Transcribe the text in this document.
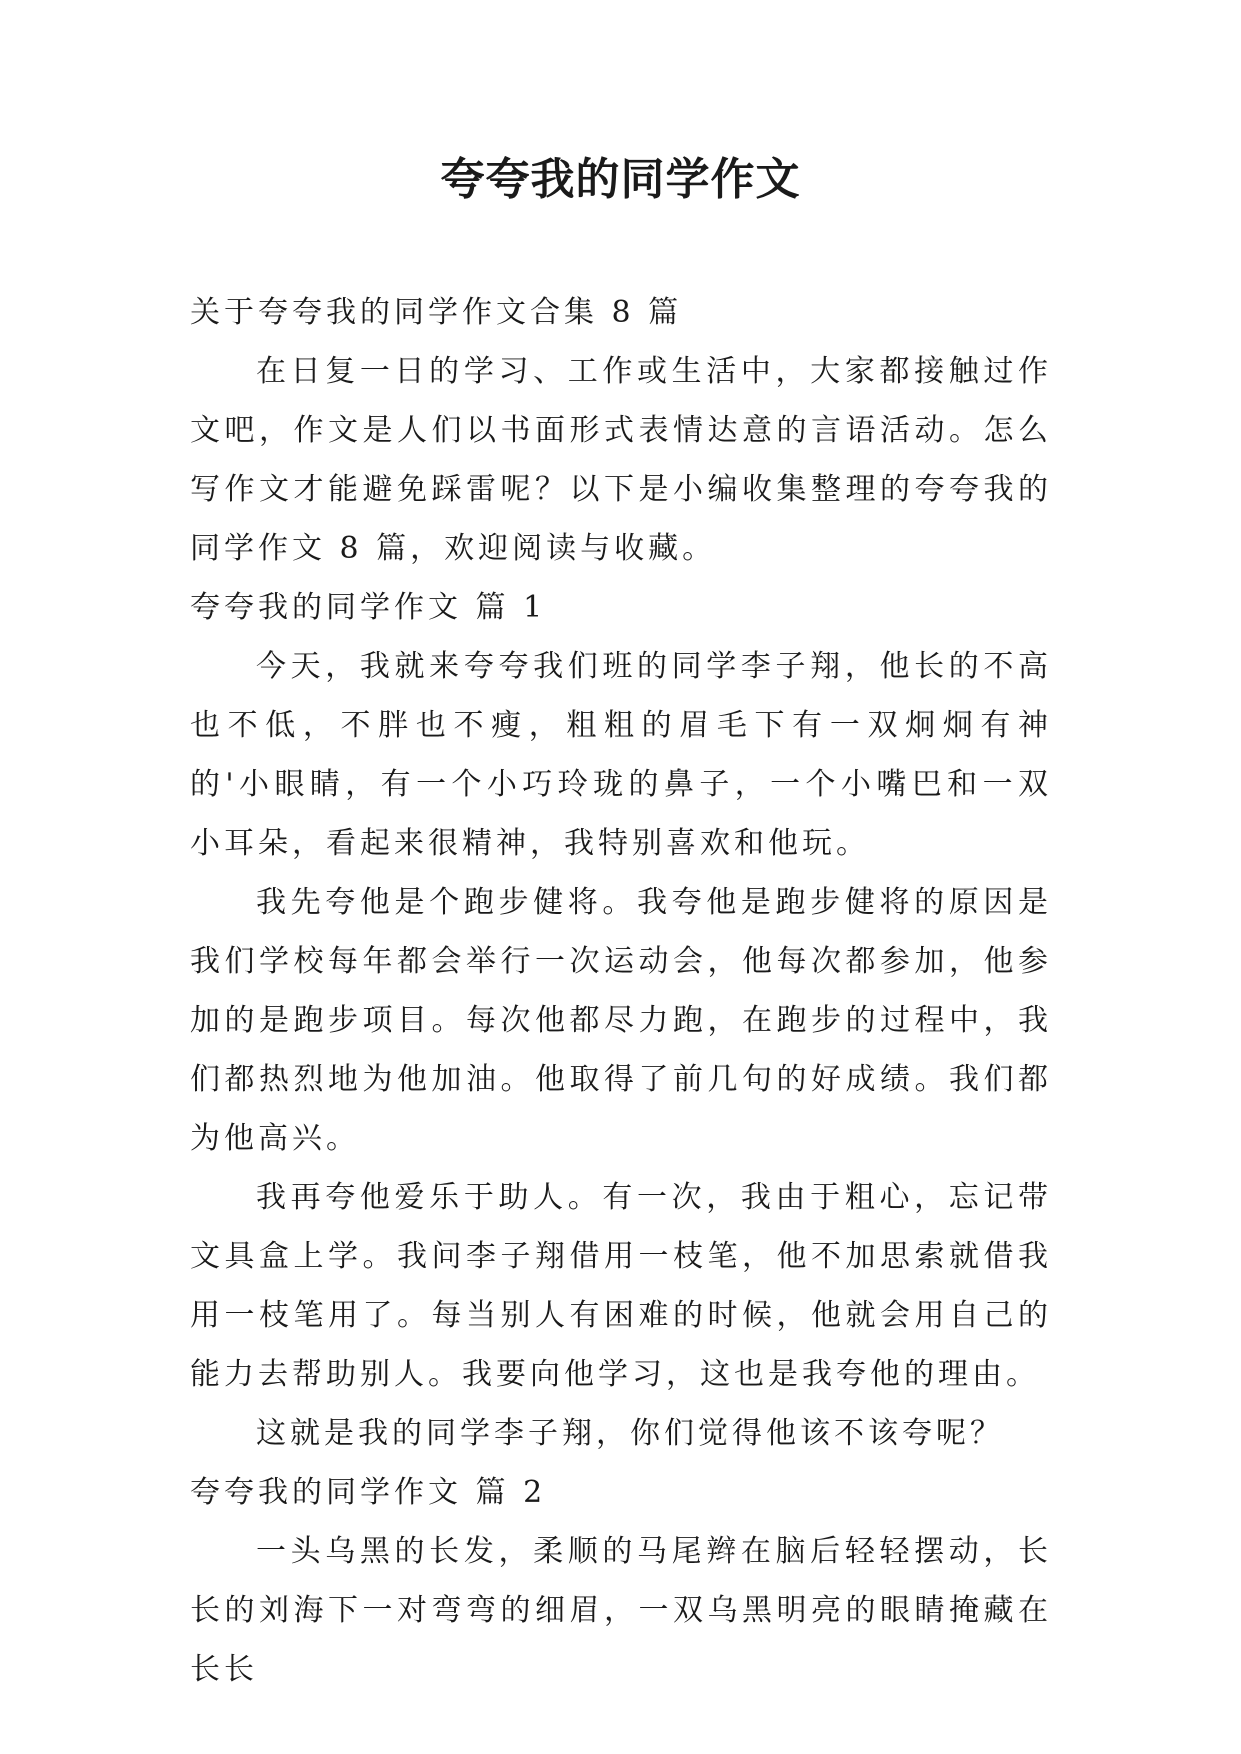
夸夸我的同学作文

关于夸夸我的同学作文合集 8 篇

在日复一日的学习、工作或生活中，大家都接触过作文吧，作文是人们以书面形式表情达意的言语活动。怎么写作文才能避免踩雷呢？以下是小编收集整理的夸夸我的同学作文 8 篇，欢迎阅读与收藏。

夸夸我的同学作文 篇 1

今天，我就来夸夸我们班的同学李子翔，他长的不高也不低，不胖也不瘦，粗粗的眉毛下有一双炯炯有神的'小眼睛，有一个小巧玲珑的鼻子，一个小嘴巴和一双小耳朵，看起来很精神，我特别喜欢和他玩。

我先夸他是个跑步健将。我夸他是跑步健将的原因是我们学校每年都会举行一次运动会，他每次都参加，他参加的是跑步项目。每次他都尽力跑，在跑步的过程中，我们都热烈地为他加油。他取得了前几句的好成绩。我们都为他高兴。

我再夸他爱乐于助人。有一次，我由于粗心，忘记带文具盒上学。我问李子翔借用一枝笔，他不加思索就借我用一枝笔用了。每当别人有困难的时候，他就会用自己的能力去帮助别人。我要向他学习，这也是我夸他的理由。

这就是我的同学李子翔，你们觉得他该不该夸呢？

夸夸我的同学作文 篇 2

一头乌黑的长发，柔顺的马尾辫在脑后轻轻摆动，长长的刘海下一对弯弯的细眉，一双乌黑明亮的眼睛掩藏在长长
